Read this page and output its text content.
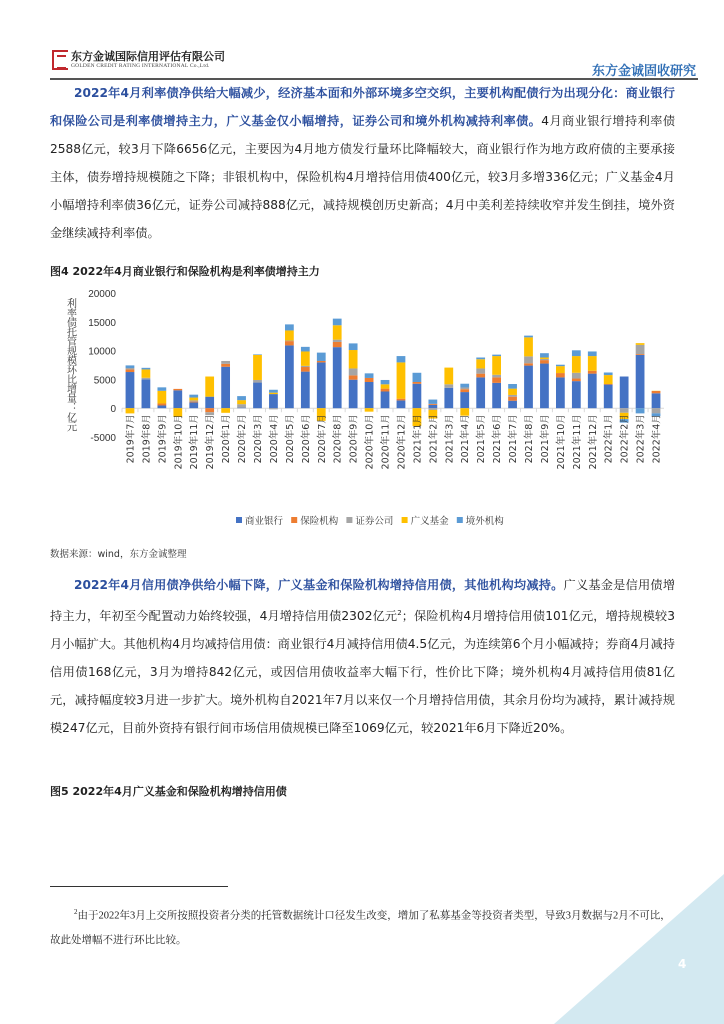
东方金诚国际信用评估有限公司
GOLDEN CREDIT RATING INTERNATIONAL Co.,Ltd.	东方金诚固收研究
2022年4月利率债净供给大幅减少，经济基本面和外部环境多空交织，主要机构配债行为出现分化：商业银行和保险公司是利率债增持主力，广义基金仅小幅增持，证券公司和境外机构减持利率债。4月商业银行增持利率债2588亿元，较3月下降6656亿元，主要因为4月地方债发行量环比降幅较大，商业银行作为地方政府债的主要承接主体，债券增持规模随之下降；非银机构中，保险机构4月增持信用债400亿元，较3月多增336亿元；广义基金4月小幅增持利率债36亿元，证券公司减持888亿元，减持规模创历史新高；4月中美利差持续收窄并发生倒挂，境外资金继续减持利率债。
图4 2022年4月商业银行和保险机构是利率债增持主力
20000
15000
10000
5000
0
-5000
利率债托管规模环比增量：亿元
2019年7月 2019年8月 2019年9月 2019年10月 2019年11月 2019年12月 2020年1月 2020年2月 2020年3月 2020年4月 2020年5月 2020年6月 2020年7月 2020年8月 2020年9月 2020年10月 2020年11月 2020年12月 2021年1月 2021年2月 2021年3月 2021年4月 2021年5月 2021年6月 2021年7月 2021年8月 2021年9月 2021年10月 2021年11月 2021年12月 2022年1月 2022年2月 2022年3月 2022年4月
商业银行 保险机构 证券公司 广义基金 境外机构
数据来源：wind，东方金诚整理
2022年4月信用债净供给小幅下降，广义基金和保险机构增持信用债，其他机构均减持。广义基金是信用债增持主力，年初至今配置动力始终较强，4月增持信用债2302亿元$^2$；保险机构4月增持信用债101亿元，增持规模较3月小幅扩大。其他机构4月均减持信用债：商业银行4月减持信用债4.5亿元，为连续第6个月小幅减持；券商4月减持信用债168亿元，3月为增持842亿元，或因信用债收益率大幅下行，性价比下降；境外机构4月减持信用债81亿元，减持幅度较3月进一步扩大。境外机构自2021年7月以来仅一个月增持信用债，其余月份均为减持，累计减持规模247亿元，目前外资持有银行间市场信用债规模已降至1069亿元，较2021年6月下降近20%。
图5 2022年4月广义基金和保险机构增持信用债
$^2$由于2022年3月上交所按照投资者分类的托管数据统计口径发生改变，增加了私募基金等投资者类型，导致3月数据与2月不可比，故此处增幅不进行环比比较。
4
